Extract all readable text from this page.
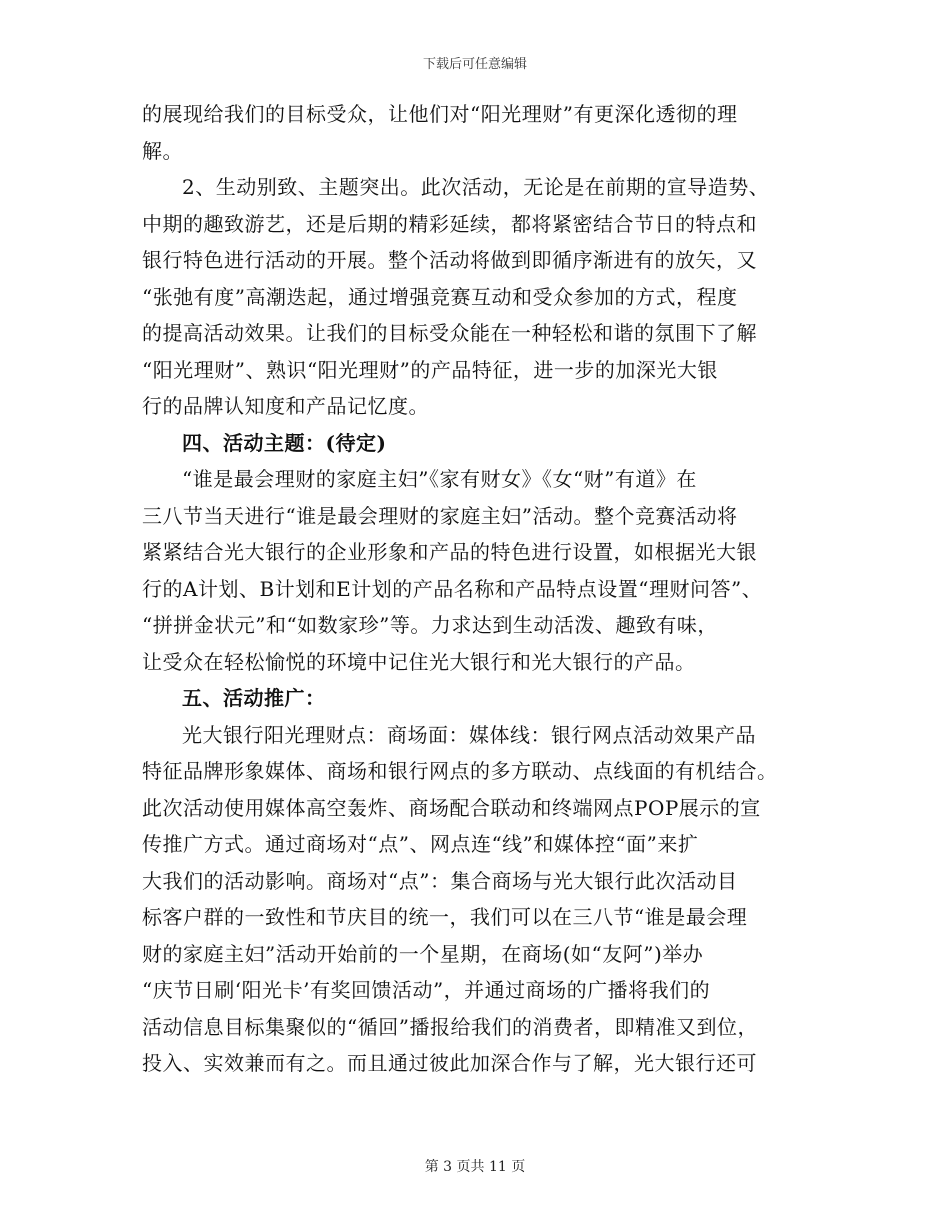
下载后可任意编辑
的展现给我们的目标受众，让他们对“阳光理财”有更深化透彻的理
解。
2、生动别致、主题突出。此次活动，无论是在前期的宣导造势、
中期的趣致游艺，还是后期的精彩延续，都将紧密结合节日的特点和
银行特色进行活动的开展。整个活动将做到即循序渐进有的放矢，又
“张弛有度”高潮迭起，通过增强竞赛互动和受众参加的方式，程度
的提高活动效果。让我们的目标受众能在一种轻松和谐的氛围下了解
“阳光理财”、熟识“阳光理财”的产品特征，进一步的加深光大银
行的品牌认知度和产品记忆度。
四、活动主题：(待定)
“谁是最会理财的家庭主妇”《家有财女》《女“财”有道》在
三八节当天进行“谁是最会理财的家庭主妇”活动。整个竞赛活动将
紧紧结合光大银行的企业形象和产品的特色进行设置，如根据光大银
行的A计划、B计划和E计划的产品名称和产品特点设置“理财问答”、
“拼拼金状元”和“如数家珍”等。力求达到生动活泼、趣致有味，
让受众在轻松愉悦的环境中记住光大银行和光大银行的产品。
五、活动推广：
光大银行阳光理财点：商场面：媒体线：银行网点活动效果产品
特征品牌形象媒体、商场和银行网点的多方联动、点线面的有机结合。
此次活动使用媒体高空轰炸、商场配合联动和终端网点POP展示的宣
传推广方式。通过商场对“点”、网点连“线”和媒体控“面”来扩
大我们的活动影响。商场对“点”：集合商场与光大银行此次活动目
标客户群的一致性和节庆目的统一，我们可以在三八节“谁是最会理
财的家庭主妇”活动开始前的一个星期，在商场(如“友阿”)举办
“庆节日刷‘阳光卡’有奖回馈活动”，并通过商场的广播将我们的
活动信息目标集聚似的“循回”播报给我们的消费者，即精准又到位，
投入、实效兼而有之。而且通过彼此加深合作与了解，光大银行还可
第 3 页共 11 页
